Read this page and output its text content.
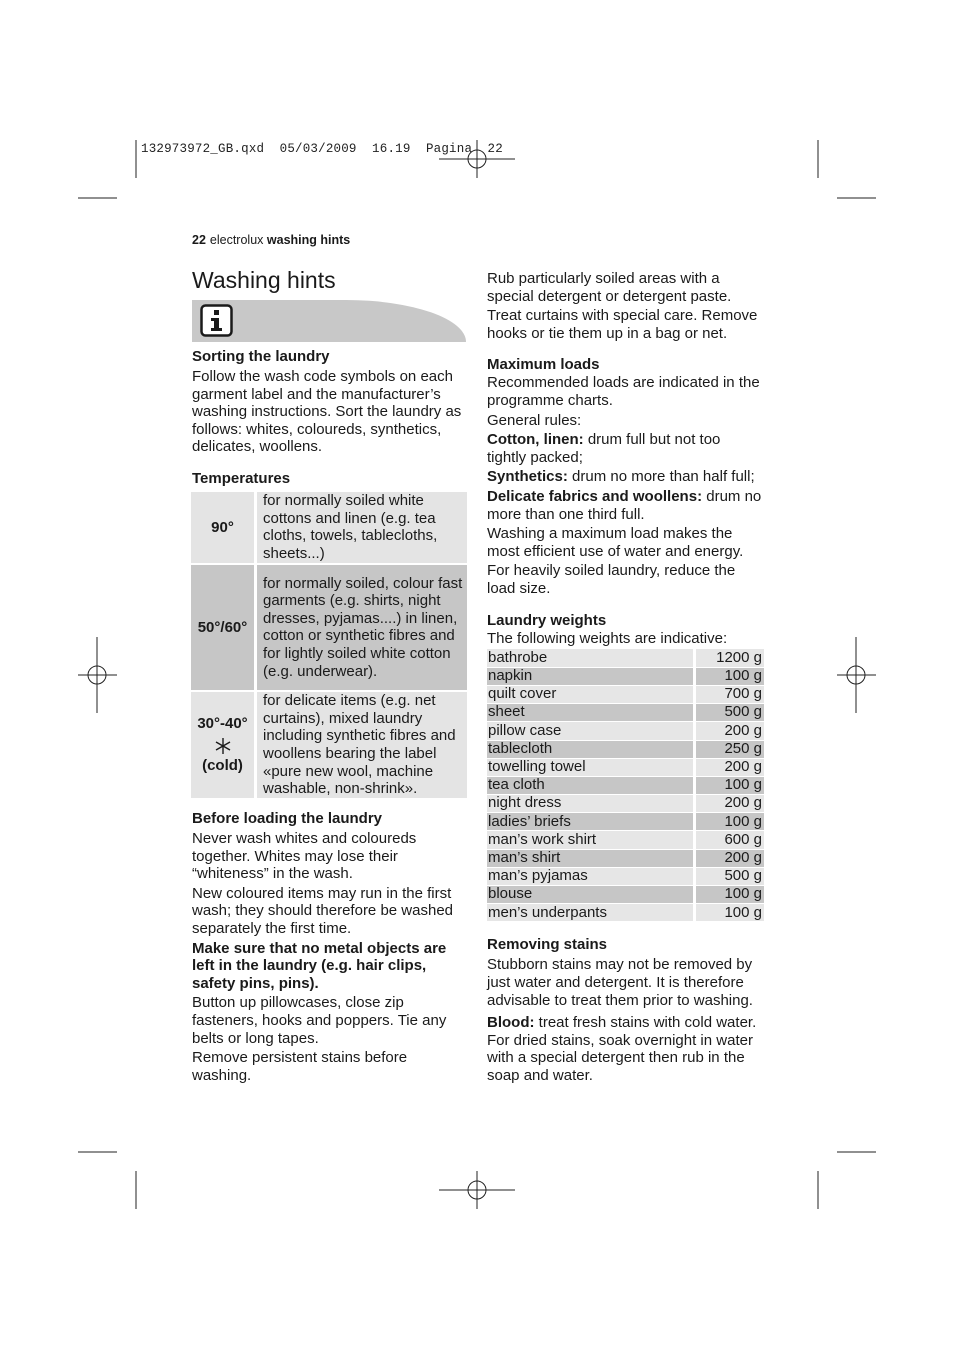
132973972_GB.qxd  05/03/2009  16.19  Pagina  22
22 electrolux washing hints
Washing hints
Sorting the laundry

Follow the wash code symbols on each garment label and the manufacturer’s washing instructions. Sort the laundry as follows: whites, coloureds, synthetics, delicates, woollens.

Temperatures
90°	for normally soiled white cottons and linen (e.g. tea cloths, towels, tablecloths, sheets...)
50°/60°	for normally soiled, colour fast garments (e.g. shirts, night dresses, pyjamas....) in linen, cotton or synthetic fibres and for lightly soiled white cotton (e.g. underwear).
30°-40°
(cold)	for delicate items (e.g. net curtains), mixed laundry including synthetic fibres and woollens bearing the label «pure new wool, machine washable, non-shrink».
Before loading the laundry

Never wash whites and coloureds together. Whites may lose their “whiteness” in the wash.

New coloured items may run in the first wash; they should therefore be washed separately the first time.

Make sure that no metal objects are left in the laundry (e.g. hair clips, safety pins, pins).

Button up pillowcases, close zip fasteners, hooks and poppers. Tie any belts or long tapes.

Remove persistent stains before washing.

Rub particularly soiled areas with a special detergent or detergent paste.

Treat curtains with special care. Remove hooks or tie them up in a bag or net.

Maximum loads

Recommended loads are indicated in the programme charts.

General rules:

Cotton, linen: drum full but not too tightly packed;

Synthetics: drum no more than half full;

Delicate fabrics and woollens: drum no more than one third full.

Washing a maximum load makes the most efficient use of water and energy.

For heavily soiled laundry, reduce the load size.

Laundry weights

The following weights are indicative:

bathrobe	1200 g
napkin	100 g
quilt cover	700 g
sheet	500 g
pillow case	200 g
tablecloth	250 g
towelling towel	200 g
tea cloth	100 g
night dress	200 g
ladies’ briefs	100 g
man’s work shirt	600 g
man’s shirt	200 g
man’s pyjamas	500 g
blouse	100 g
men’s underpants	100 g
Removing stains

Stubborn stains may not be removed by just water and detergent. It is therefore advisable to treat them prior to washing.

Blood: treat fresh stains with cold water. For dried stains, soak overnight in water with a special detergent then rub in the soap and water.
